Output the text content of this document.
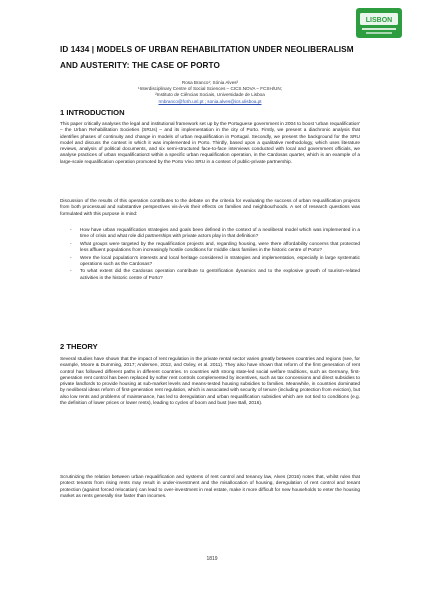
LISBON
ID 1434 | MODELS OF URBAN REHABILITATION UNDER NEOLIBERALISM AND AUSTERITY: THE CASE OF PORTO
Rosa Branco¹; Sónia Alves²
¹Interdisciplinary Centre of Social Sciences – CICS.NOVA – FCSH/UN;
²Instituto de Ciências Sociais, Universidade de Lisboa
rmbranco@fcsh.unl.pt ; sonia.alves@ics.ulisboa.pt
1 INTRODUCTION

This paper critically analyses the legal and institutional framework set up by the Portuguese government in 2004 to boost 'urban requalification' – the Urban Rehabilitation Societies (SRUs) – and its implementation in the city of Porto. Firstly, we present a diachronic analysis that identifies phases of continuity and change in models of urban requalification in Portugal. Secondly, we present the background for the SRU model and discuss the context in which it was implemented in Porto. Thirdly, based upon a qualitative methodology, which uses literature reviews, analysis of political documents, and six semi-structured face-to-face interviews conducted with local and government officials, we analyse practices of urban requalification3 within a specific urban requalification operation, in the Cardosas quarter, which is an example of a large-scale requalification operation promoted by the Porto Vivo SRU in a context of public-private partnership.

Discussion of the results of this operation contributes to the debate on the criteria for evaluating the success of urban requalification projects from both processual and substantive perspectives vis-à-vis their effects on families and neighbourhoods. A set of research questions was formulated with this purpose in mind:

- How have urban requalification strategies and goals been defined in the context of a neoliberal model which was implemented in a time of crisis and what role did partnerships with private actors play in that definition?
- What groups were targeted by the requalification projects and, regarding housing, were there affordability concerns that protected less affluent populations from increasingly hostile conditions for middle class families in the historic centre of Porto?
- Were the local population's interests and local heritage considered in strategies and implementation, especially in large systematic operations such as the Cardosas?
- To what extent did the Cardosas operation contribute to gentrification dynamics and to the explosive growth of tourism-related activities in the historic centre of Porto?
2 THEORY

Several studies have shown that the impact of rent regulation in the private rental sector varies greatly between countries and regions (see, for example, Moore & Dumming, 2017; Andersen, 2012, and Oxley, et al. 2011). They also have shown that reform of the first generation of rent control has followed different paths in different countries. In countries with strong state-led social welfare traditions, such as Germany, first-generation rent control has been replaced by softer rent controls complemented by incentives, such as tax concessions and direct subsidies to private landlords to provide housing at sub-market levels and means-tested housing subsidies to families. Meanwhile, in countries dominated by neoliberal ideas reform of first-generation rent regulation, which is associated with security of tenure (including protection from eviction), but also low rents and problems of maintenance, has led to deregulation and urban requalification subsidies which are not tied to conditions (e.g. the definition of lower prices or lower rents), leading to cycles of boom and bust (see Ball, 2016).

Scrutinizing the relation between urban requalification and systems of rent control and tenancy law, Alves (2016) notes that, whilst rules that protect tenants from rising rents may result in under-investment and the misallocation of housing, deregulation of rent control and tenant protection (against forced relocation) can lead to over-investment in real estate, make it more difficult for new households to enter the housing market as rents generally rise faster than incomes.

1819
